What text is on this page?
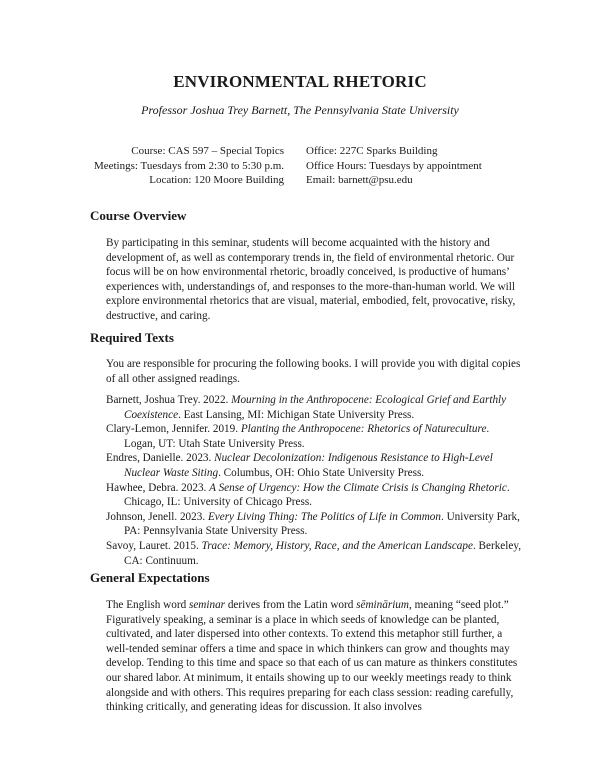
ENVIRONMENTAL RHETORIC
Professor Joshua Trey Barnett, The Pennsylvania State University
Course: CAS 597 – Special Topics
Meetings: Tuesdays from 2:30 to 5:30 p.m.
Location: 120 Moore Building
Office: 227C Sparks Building
Office Hours: Tuesdays by appointment
Email: barnett@psu.edu
Course Overview
By participating in this seminar, students will become acquainted with the history and development of, as well as contemporary trends in, the field of environmental rhetoric. Our focus will be on how environmental rhetoric, broadly conceived, is productive of humans’ experiences with, understandings of, and responses to the more-than-human world. We will explore environmental rhetorics that are visual, material, embodied, felt, provocative, risky, destructive, and caring.
Required Texts
You are responsible for procuring the following books. I will provide you with digital copies of all other assigned readings.

Barnett, Joshua Trey. 2022. Mourning in the Anthropocene: Ecological Grief and Earthly Coexistence. East Lansing, MI: Michigan State University Press.

Clary-Lemon, Jennifer. 2019. Planting the Anthropocene: Rhetorics of Natureculture. Logan, UT: Utah State University Press.

Endres, Danielle. 2023. Nuclear Decolonization: Indigenous Resistance to High-Level Nuclear Waste Siting. Columbus, OH: Ohio State University Press.

Hawhee, Debra. 2023. A Sense of Urgency: How the Climate Crisis is Changing Rhetoric. Chicago, IL: University of Chicago Press.

Johnson, Jenell. 2023. Every Living Thing: The Politics of Life in Common. University Park, PA: Pennsylvania State University Press.

Savoy, Lauret. 2015. Trace: Memory, History, Race, and the American Landscape. Berkeley, CA: Continuum.

General Expectations
The English word seminar derives from the Latin word sēminārium, meaning “seed plot.” Figuratively speaking, a seminar is a place in which seeds of knowledge can be planted, cultivated, and later dispersed into other contexts. To extend this metaphor still further, a well-tended seminar offers a time and space in which thinkers can grow and thoughts may develop. Tending to this time and space so that each of us can mature as thinkers constitutes our shared labor. At minimum, it entails showing up to our weekly meetings ready to think alongside and with others. This requires preparing for each class session: reading carefully, thinking critically, and generating ideas for discussion. It also involves
